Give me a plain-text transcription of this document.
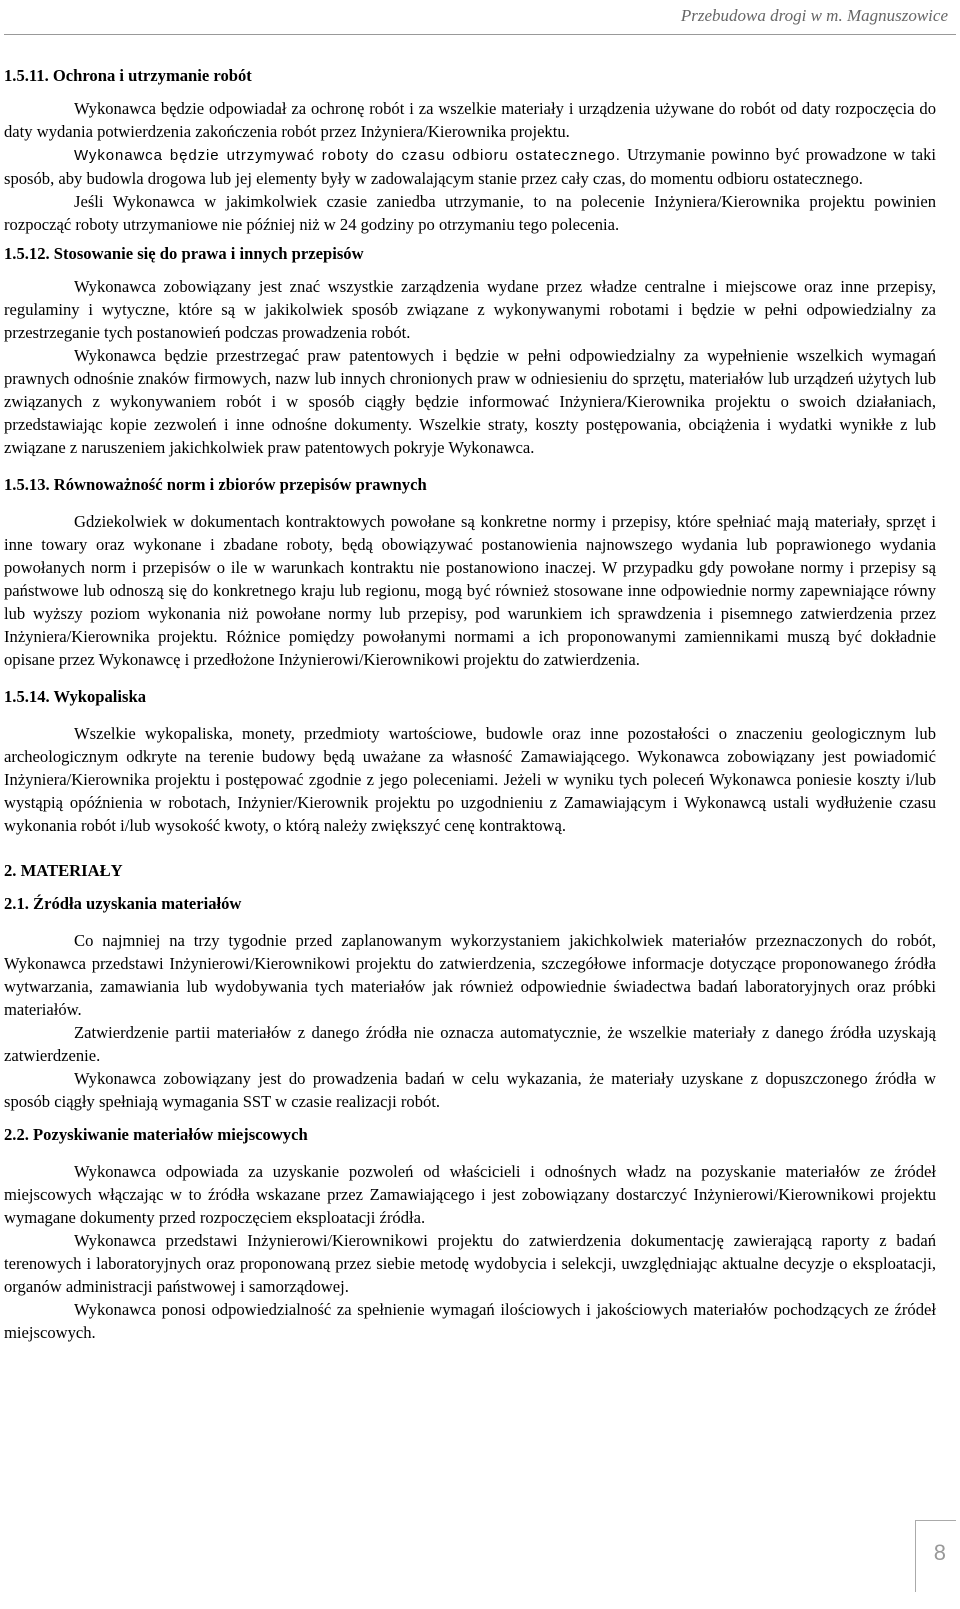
Przebudowa drogi w m. Magnuszowice

1.5.11. Ochrona i utrzymanie robót

Wykonawca będzie odpowiadał za ochronę robót i za wszelkie materiały i urządzenia używane do robót od daty rozpoczęcia do daty wydania potwierdzenia zakończenia robót przez Inżyniera/Kierownika projektu.

Wykonawca będzie utrzymywać roboty do czasu odbioru ostatecznego. Utrzymanie powinno być prowadzone w taki sposób, aby budowla drogowa lub jej elementy były w zadowalającym stanie przez cały czas, do momentu odbioru ostatecznego.

Jeśli Wykonawca w jakimkolwiek czasie zaniedba utrzymanie, to na polecenie Inżyniera/Kierownika projektu powinien rozpocząć roboty utrzymaniowe nie później niż w 24 godziny po otrzymaniu tego polecenia.

1.5.12. Stosowanie się do prawa i innych przepisów

Wykonawca zobowiązany jest znać wszystkie zarządzenia wydane przez władze centralne i miejscowe oraz inne przepisy, regulaminy i wytyczne, które są w jakikolwiek sposób związane z wykonywanymi robotami i będzie w pełni odpowiedzialny za przestrzeganie tych postanowień podczas prowadzenia robót.

Wykonawca będzie przestrzegać praw patentowych i będzie w pełni odpowiedzialny za wypełnienie wszelkich wymagań prawnych odnośnie znaków firmowych, nazw lub innych chronionych praw w odniesieniu do sprzętu, materiałów lub urządzeń użytych lub związanych z wykonywaniem robót i w sposób ciągły będzie informować Inżyniera/Kierownika projektu o swoich działaniach, przedstawiając kopie zezwoleń i inne odnośne dokumenty. Wszelkie straty, koszty postępowania, obciążenia i wydatki wynikłe z lub związane z naruszeniem jakichkolwiek praw patentowych pokryje Wykonawca.

1.5.13. Równoważność norm i zbiorów przepisów prawnych

Gdziekolwiek w dokumentach kontraktowych powołane są konkretne normy i przepisy, które spełniać mają materiały, sprzęt i inne towary oraz wykonane i zbadane roboty, będą obowiązywać postanowienia najnowszego wydania lub poprawionego wydania powołanych norm i przepisów o ile w warunkach kontraktu nie postanowiono inaczej. W przypadku gdy powołane normy i przepisy są państwowe lub odnoszą się do konkretnego kraju lub regionu, mogą być również stosowane inne odpowiednie normy zapewniające równy lub wyższy poziom wykonania niż powołane normy lub przepisy, pod warunkiem ich sprawdzenia i pisemnego zatwierdzenia przez Inżyniera/Kierownika projektu. Różnice pomiędzy powołanymi normami a ich proponowanymi zamiennikami muszą być dokładnie opisane przez Wykonawcę i przedłożone Inżynierowi/Kierownikowi projektu do zatwierdzenia.

1.5.14. Wykopaliska

Wszelkie wykopaliska, monety, przedmioty wartościowe, budowle oraz inne pozostałości o znaczeniu geologicznym lub archeologicznym odkryte na terenie budowy będą uważane za własność Zamawiającego. Wykonawca zobowiązany jest powiadomić Inżyniera/Kierownika projektu i postępować zgodnie z jego poleceniami. Jeżeli w wyniku tych poleceń Wykonawca poniesie koszty i/lub wystąpią opóźnienia w robotach, Inżynier/Kierownik projektu po uzgodnieniu z Zamawiającym i Wykonawcą ustali wydłużenie czasu wykonania robót i/lub wysokość kwoty, o którą należy zwiększyć cenę kontraktową.

2. MATERIAŁY

2.1. Źródła uzyskania materiałów

Co najmniej na trzy tygodnie przed zaplanowanym wykorzystaniem jakichkolwiek materiałów przeznaczonych do robót, Wykonawca przedstawi Inżynierowi/Kierownikowi projektu do zatwierdzenia, szczegółowe informacje dotyczące proponowanego źródła wytwarzania, zamawiania lub wydobywania tych materiałów jak również odpowiednie świadectwa badań laboratoryjnych oraz próbki materiałów.

Zatwierdzenie partii materiałów z danego źródła nie oznacza automatycznie, że wszelkie materiały z danego źródła uzyskają zatwierdzenie.

Wykonawca zobowiązany jest do prowadzenia badań w celu wykazania, że materiały uzyskane z dopuszczonego źródła w sposób ciągły spełniają wymagania SST w czasie realizacji robót.

2.2. Pozyskiwanie materiałów miejscowych

Wykonawca odpowiada za uzyskanie pozwoleń od właścicieli i odnośnych władz na pozyskanie materiałów ze źródeł miejscowych włączając w to źródła wskazane przez Zamawiającego i jest zobowiązany dostarczyć Inżynierowi/Kierownikowi projektu wymagane dokumenty przed rozpoczęciem eksploatacji źródła.

Wykonawca przedstawi Inżynierowi/Kierownikowi projektu do zatwierdzenia dokumentację zawierającą raporty z badań terenowych i laboratoryjnych oraz proponowaną przez siebie metodę wydobycia i selekcji, uwzględniając aktualne decyzje o eksploatacji, organów administracji państwowej i samorządowej.

Wykonawca ponosi odpowiedzialność za spełnienie wymagań ilościowych i jakościowych materiałów pochodzących ze źródeł miejscowych.

8
